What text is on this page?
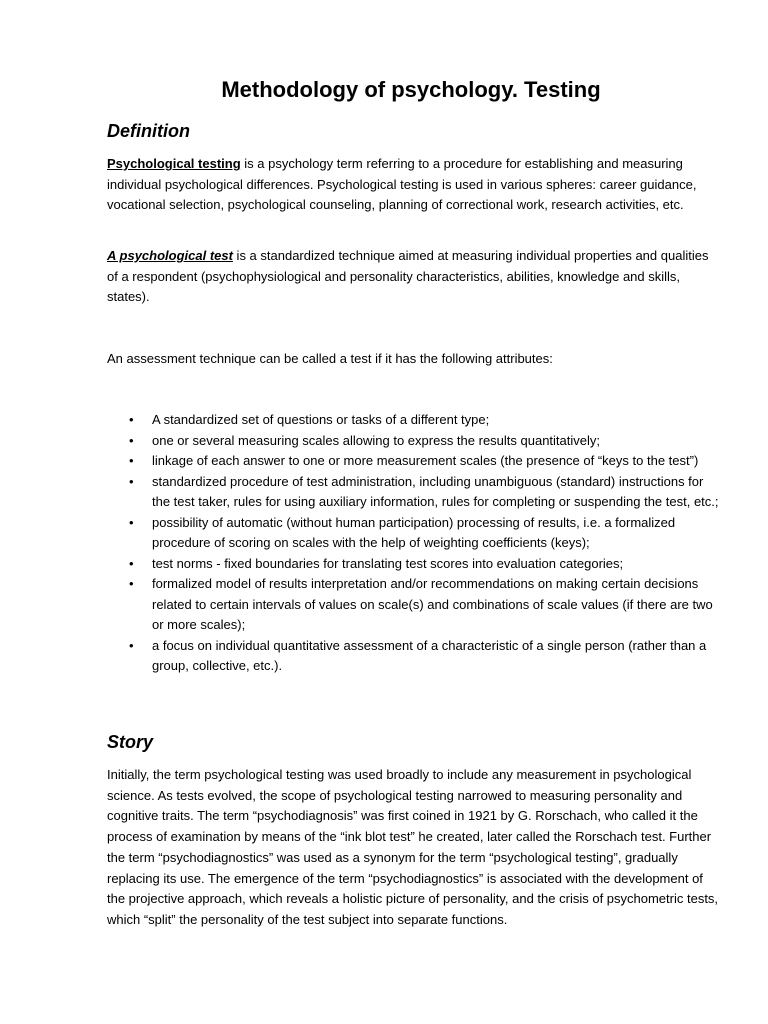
Methodology of psychology. Testing
Definition

Psychological testing is a psychology term referring to a procedure for establishing and measuring individual psychological differences. Psychological testing is used in various spheres: career guidance, vocational selection, psychological counseling, planning of correctional work, research activities, etc.

A psychological test is a standardized technique aimed at measuring individual properties and qualities of a respondent (psychophysiological and personality characteristics, abilities, knowledge and skills, states).

An assessment technique can be called a test if it has the following attributes:

• A standardized set of questions or tasks of a different type;
• one or several measuring scales allowing to express the results quantitatively;
• linkage of each answer to one or more measurement scales (the presence of “keys to the test”)
• standardized procedure of test administration, including unambiguous (standard) instructions for the test taker, rules for using auxiliary information, rules for completing or suspending the test, etc.;
• possibility of automatic (without human participation) processing of results, i.e. a formalized procedure of scoring on scales with the help of weighting coefficients (keys);
• test norms - fixed boundaries for translating test scores into evaluation categories;
• formalized model of results interpretation and/or recommendations on making certain decisions related to certain intervals of values on scale(s) and combinations of scale values (if there are two or more scales);
• a focus on individual quantitative assessment of a characteristic of a single person (rather than a group, collective, etc.).
Story

Initially, the term psychological testing was used broadly to include any measurement in psychological science. As tests evolved, the scope of psychological testing narrowed to measuring personality and cognitive traits. The term “psychodiagnosis” was first coined in 1921 by G. Rorschach, who called it the process of examination by means of the “ink blot test” he created, later called the Rorschach test. Further the term “psychodiagnostics” was used as a synonym for the term “psychological testing”, gradually replacing its use. The emergence of the term “psychodiagnostics” is associated with the development of the projective approach, which reveals a holistic picture of personality, and the crisis of psychometric tests, which “split” the personality of the test subject into separate functions.
